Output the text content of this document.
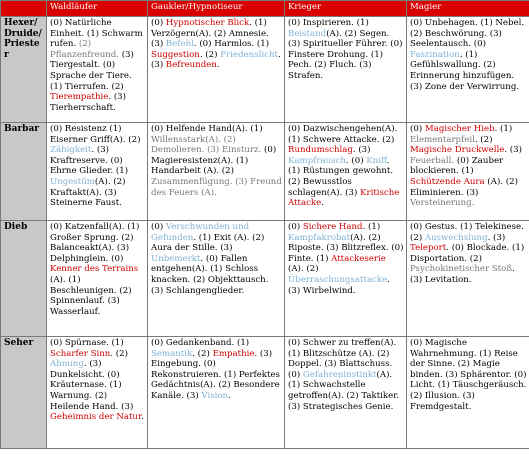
	Waldläufer	Gaukler/Hypnotiseur	Krieger	Magier
Hexer/Druide/Priester	(0) Natürliche Einheit. (1) Schwarm rufen. (2) Pflanzenfreund. (3) Tiergestalt. (0) Sprache der Tiere. (1) Tierrufen. (2) Tierempathie. (3) Tierherrschaft.	(0) Hypnotischer Blick. (1) Verzögern(A). (2) Amnesie. (3) Befehl. (0) Harmlos. (1) Suggestion. (2) Friedenslicht. (3) Befreunden.	(0) Inspirieren. (1) Beistand(A). (2) Segen. (3) Spiritueller Führer. (0) Finstere Drohung. (1) Pech. (2) Fluch. (3) Strafen.	(0) Unbehagen. (1) Nebel. (2) Beschwörung. (3) Seelentausch. (0) Faszination. (1) Gefühlswallung. (2) Erinnerung hinzufügen. (3) Zone der Verwirrung.
Barbar	(0) Resistenz (1) Eiserner Griff(A). (2) Zähigkeit. (3) Kraftreserve. (0) Ehrne Glieder. (1) Ungestüm(A). (2) Kraftakt(A). (3) Steinerne Faust.	(0) Helfende Hand(A). (1) Willensstark(A). (2) Demolieren. (3) Einsturz. (0) Magieresistenz(A). (1) Handarbeit (A). (2) Zusammenfügung. (3) Freund des Feuers (A).	(0) Dazwischengehen(A). (1) Schwere Attacke. (2) Rundumschlag. (3) Kampfrausch. (0) Kniff. (1) Rüstungen gewohnt. (2) Bewusstlos schlagen(A). (3) Kritische Attacke.	(0) Magischer Hieb. (1) Elementarpfeil. (2) Magische Druckwelle. (3) Feuerball. (0) Zauber blockieren. (1) Schützende Aura (A). (2) Eliminieren. (3) Versteinerung.
Dieb	(0) Katzenfall(A). (1) Großer Sprung. (2) Balanceakt(A). (3) Delphinglein. (0) Kenner des Terrains (A). (1) Beschleunigen. (2) Spinnenlauf. (3) Wasserlauf.	(0) Verschwunden und Gefunden. (1) Exit (A). (2) Aura der Stille. (3) Unbemerkt. (0) Fallen entgehen(A). (1) Schloss knacken. (2) Objekttausch. (3) Schlangenglieder.	(0) Sichere Hand. (1) Kampfakrobat(A). (2) Riposte. (3) Blitzreflex. (0) Finte. (1) Attackeserie (A). (2) Überraschungsattacke. (3) Wirbelwind.	(0) Gestus. (1) Telekinese. (2) Auswechslung. (3) Teleport. (0) Blockade. (1) Disportation. (2) Psychokinetischer Stoß. (3) Levitation.
Seher	(0) Spürnase. (1) Scharfer Sinn. (2) Ahnung. (3) Dunkelsicht. (0) Kräuternase. (1) Warnung. (2) Heilende Hand. (3) Geheimnis der Natur.	(0) Gedankenband. (1) Semantik. (2) Empathie. (3) Eingebung. (0) Rekonstruieren. (1) Perfektes Gedächtnis(A). (2) Besondere Kanäle. (3) Vision.	(0) Schwer zu treffen(A). (1) Blitzschütze (A). (2) Doppel. (3) Blattschuss. (0) Gefahreninstinkt(A). (1) Schwachstelle getroffen(A). (2) Taktiker. (3) Strategisches Genie.	(0) Magische Wahrnehmung. (1) Reise der Sinne. (2) Magie binden. (3) Sphärentor. (0) Licht. (1) Täuschgeräusch. (2) Illusion. (3) Fremdgestalt.
